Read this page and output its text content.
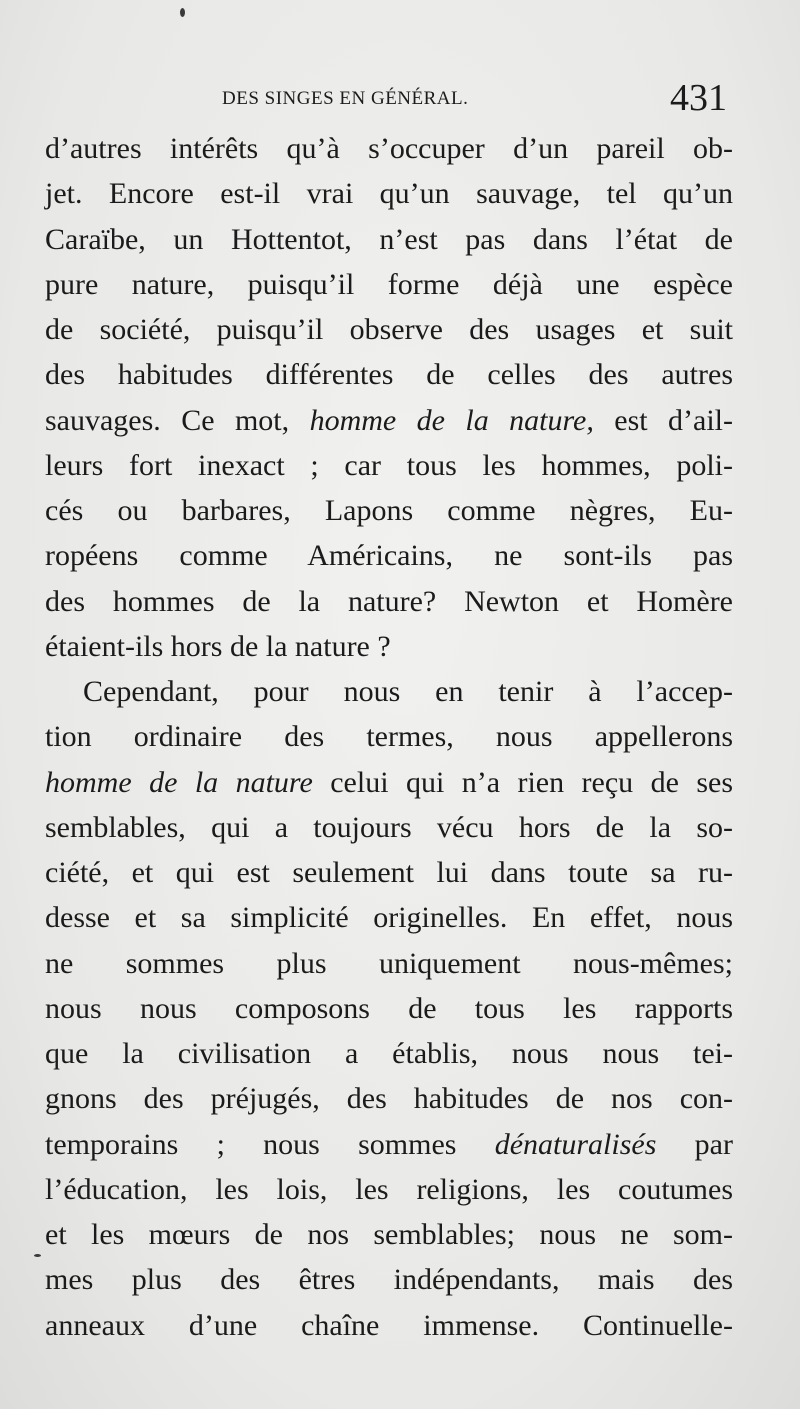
DES SINGES EN GÉNÉRAL.	431
d’autres intérêts qu’à s’occuper d’un pareil ob-
jet. Encore est-il vrai qu’un sauvage, tel qu’un
Caraïbe, un Hottentot, n’est pas dans l’état de
pure nature, puisqu’il forme déjà une espèce
de société, puisqu’il observe des usages et suit
des habitudes différentes de celles des autres
sauvages. Ce mot, homme de la nature, est d’ail-
leurs fort inexact ; car tous les hommes, poli-
cés ou barbares, Lapons comme nègres, Eu-
ropéens comme Américains, ne sont-ils pas
des hommes de la nature? Newton et Homère
étaient-ils hors de la nature ?
Cependant, pour nous en tenir à l’accep-
tion ordinaire des termes, nous appellerons
homme de la nature celui qui n’a rien reçu de ses
semblables, qui a toujours vécu hors de la so-
ciété, et qui est seulement lui dans toute sa ru-
desse et sa simplicité originelles. En effet, nous
ne sommes plus uniquement nous-mêmes;
nous nous composons de tous les rapports
que la civilisation a établis, nous nous tei-
gnons des préjugés, des habitudes de nos con-
temporains ; nous sommes dénaturalisés par
l’éducation, les lois, les religions, les coutumes
et les mœurs de nos semblables; nous ne som-
mes plus des êtres indépendants, mais des
anneaux d’une chaîne immense. Continuelle-
